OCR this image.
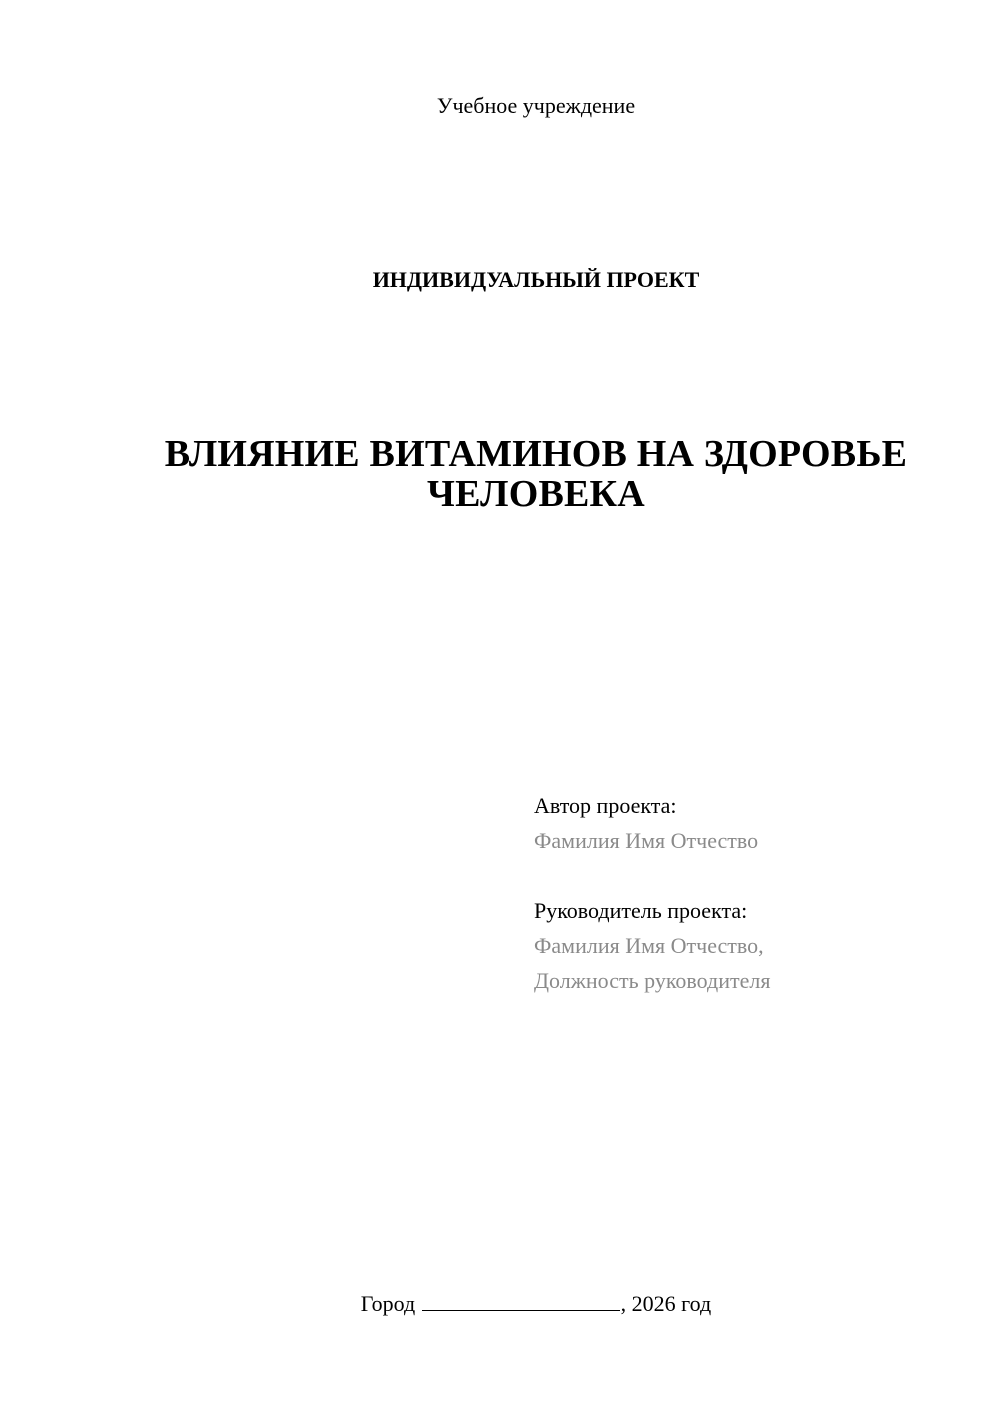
Учебное учреждение
ИНДИВИДУАЛЬНЫЙ ПРОЕКТ
ВЛИЯНИЕ ВИТАМИНОВ НА ЗДОРОВЬЕ
ЧЕЛОВЕКА
Автор проекта:
Фамилия Имя Отчество
Руководитель проекта:
Фамилия Имя Отчество,
Должность руководителя
Город	, 2026 год
